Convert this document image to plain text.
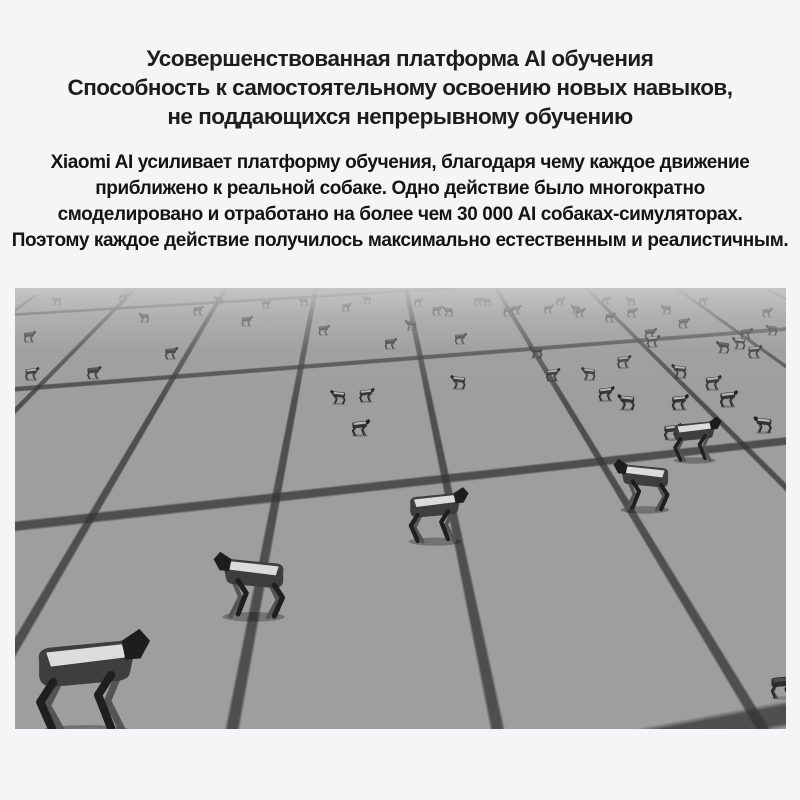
Усовершенствованная платформа AI обучения
Способность к самостоятельному освоению новых навыков,
не поддающихся непрерывному обучению
Xiaomi AI усиливает платформу обучения, благодаря чему каждое движение
приближено к реальной собаке. Одно действие было многократно
смоделировано и отработано на более чем 30 000 AI собаках-симуляторах.
Поэтому каждое действие получилось максимально естественным и реалистичным.
